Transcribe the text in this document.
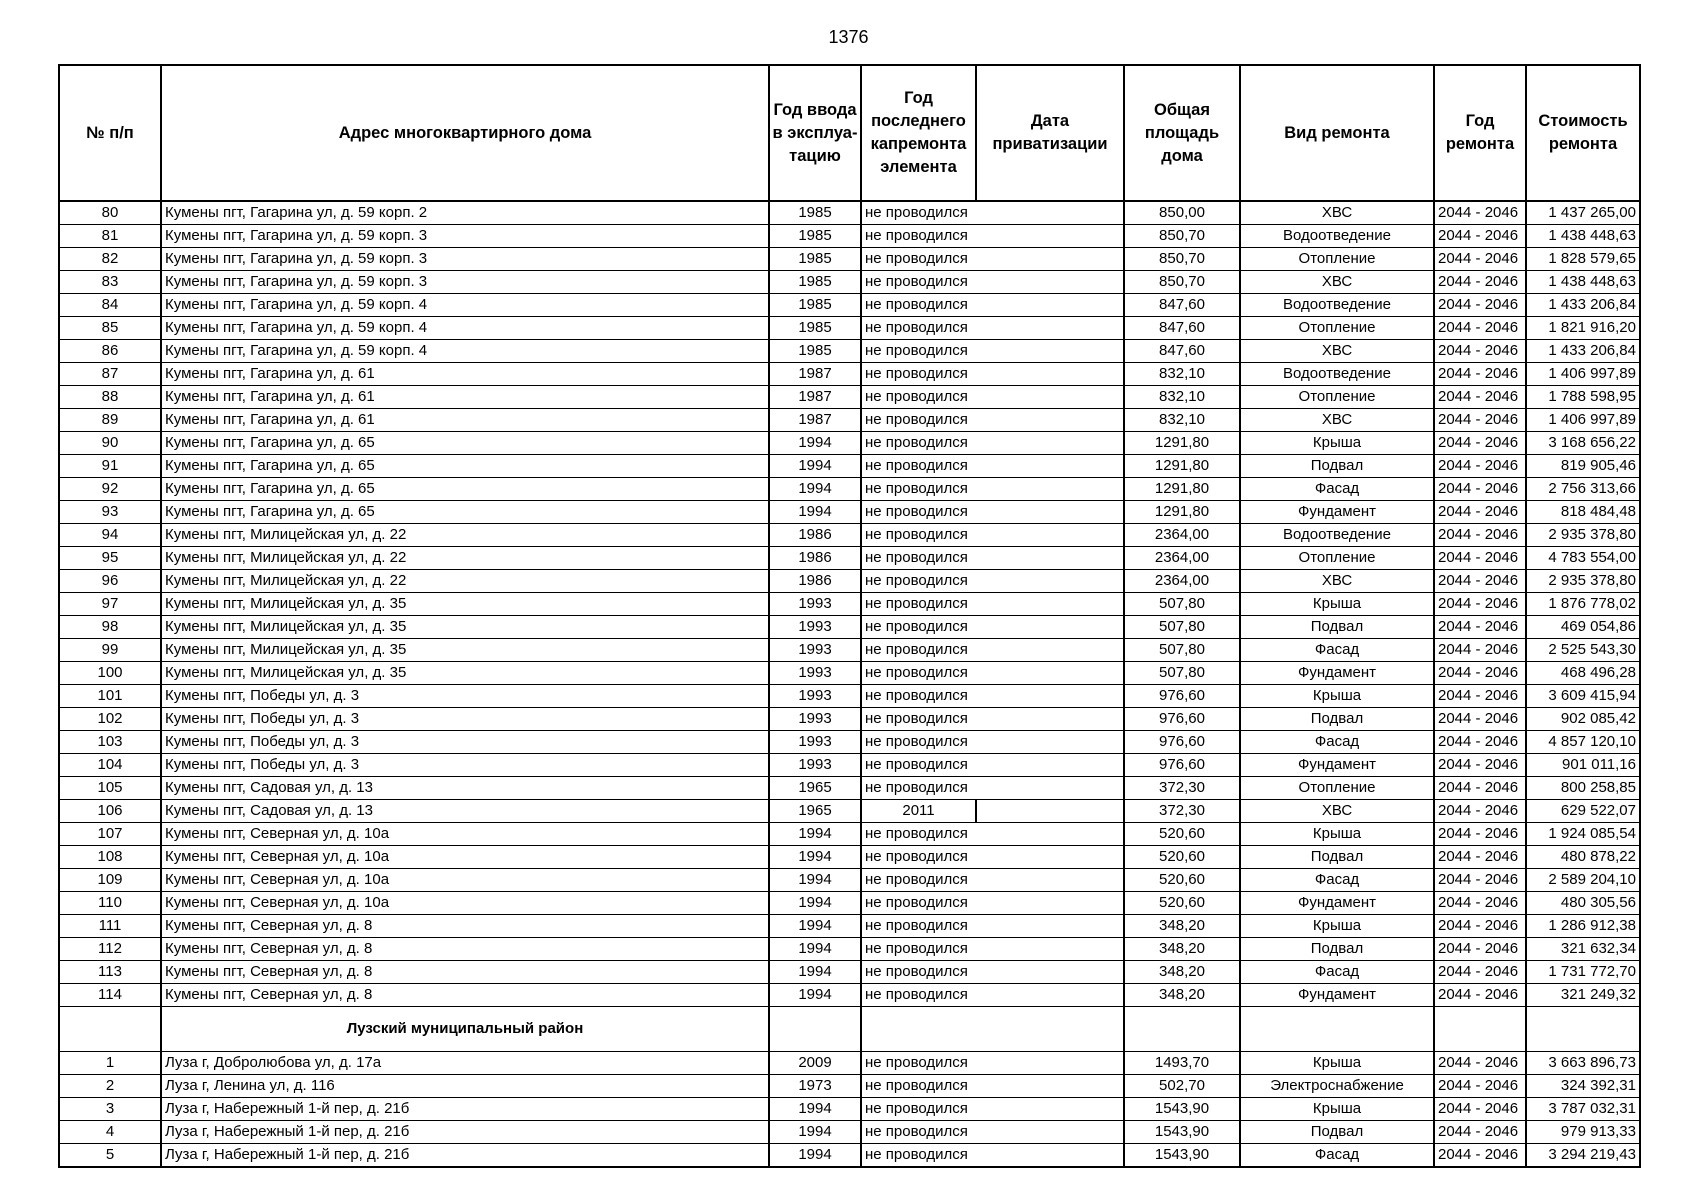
1376
№ п/п	Адрес многоквартирного дома	Год ввода в эксплуа-тацию	Год последнего капремонта элемента	Дата приватизации	Общая площадь дома	Вид ремонта	Год ремонта	Стоимость ремонта
80	Кумены пгт, Гагарина ул, д. 59 корп. 2	1985	не проводился		850,00	ХВС	2044 - 2046	1 437 265,00
81	Кумены пгт, Гагарина ул, д. 59 корп. 3	1985	не проводился		850,70	Водоотведение	2044 - 2046	1 438 448,63
82	Кумены пгт, Гагарина ул, д. 59 корп. 3	1985	не проводился		850,70	Отопление	2044 - 2046	1 828 579,65
83	Кумены пгт, Гагарина ул, д. 59 корп. 3	1985	не проводился		850,70	ХВС	2044 - 2046	1 438 448,63
84	Кумены пгт, Гагарина ул, д. 59 корп. 4	1985	не проводился		847,60	Водоотведение	2044 - 2046	1 433 206,84
85	Кумены пгт, Гагарина ул, д. 59 корп. 4	1985	не проводился		847,60	Отопление	2044 - 2046	1 821 916,20
86	Кумены пгт, Гагарина ул, д. 59 корп. 4	1985	не проводился		847,60	ХВС	2044 - 2046	1 433 206,84
87	Кумены пгт, Гагарина ул, д. 61	1987	не проводился		832,10	Водоотведение	2044 - 2046	1 406 997,89
88	Кумены пгт, Гагарина ул, д. 61	1987	не проводился		832,10	Отопление	2044 - 2046	1 788 598,95
89	Кумены пгт, Гагарина ул, д. 61	1987	не проводился		832,10	ХВС	2044 - 2046	1 406 997,89
90	Кумены пгт, Гагарина ул, д. 65	1994	не проводился		1291,80	Крыша	2044 - 2046	3 168 656,22
91	Кумены пгт, Гагарина ул, д. 65	1994	не проводился		1291,80	Подвал	2044 - 2046	819 905,46
92	Кумены пгт, Гагарина ул, д. 65	1994	не проводился		1291,80	Фасад	2044 - 2046	2 756 313,66
93	Кумены пгт, Гагарина ул, д. 65	1994	не проводился		1291,80	Фундамент	2044 - 2046	818 484,48
94	Кумены пгт, Милицейская ул, д. 22	1986	не проводился		2364,00	Водоотведение	2044 - 2046	2 935 378,80
95	Кумены пгт, Милицейская ул, д. 22	1986	не проводился		2364,00	Отопление	2044 - 2046	4 783 554,00
96	Кумены пгт, Милицейская ул, д. 22	1986	не проводился		2364,00	ХВС	2044 - 2046	2 935 378,80
97	Кумены пгт, Милицейская ул, д. 35	1993	не проводился		507,80	Крыша	2044 - 2046	1 876 778,02
98	Кумены пгт, Милицейская ул, д. 35	1993	не проводился		507,80	Подвал	2044 - 2046	469 054,86
99	Кумены пгт, Милицейская ул, д. 35	1993	не проводился		507,80	Фасад	2044 - 2046	2 525 543,30
100	Кумены пгт, Милицейская ул, д. 35	1993	не проводился		507,80	Фундамент	2044 - 2046	468 496,28
101	Кумены пгт, Победы ул, д. 3	1993	не проводился		976,60	Крыша	2044 - 2046	3 609 415,94
102	Кумены пгт, Победы ул, д. 3	1993	не проводился		976,60	Подвал	2044 - 2046	902 085,42
103	Кумены пгт, Победы ул, д. 3	1993	не проводился		976,60	Фасад	2044 - 2046	4 857 120,10
104	Кумены пгт, Победы ул, д. 3	1993	не проводился		976,60	Фундамент	2044 - 2046	901 011,16
105	Кумены пгт, Садовая ул, д. 13	1965	не проводился		372,30	Отопление	2044 - 2046	800 258,85
106	Кумены пгт, Садовая ул, д. 13	1965	2011		372,30	ХВС	2044 - 2046	629 522,07
107	Кумены пгт, Северная ул, д. 10а	1994	не проводился		520,60	Крыша	2044 - 2046	1 924 085,54
108	Кумены пгт, Северная ул, д. 10а	1994	не проводился		520,60	Подвал	2044 - 2046	480 878,22
109	Кумены пгт, Северная ул, д. 10а	1994	не проводился		520,60	Фасад	2044 - 2046	2 589 204,10
110	Кумены пгт, Северная ул, д. 10а	1994	не проводился		520,60	Фундамент	2044 - 2046	480 305,56
111	Кумены пгт, Северная ул, д. 8	1994	не проводился		348,20	Крыша	2044 - 2046	1 286 912,38
112	Кумены пгт, Северная ул, д. 8	1994	не проводился		348,20	Подвал	2044 - 2046	321 632,34
113	Кумены пгт, Северная ул, д. 8	1994	не проводился		348,20	Фасад	2044 - 2046	1 731 772,70
114	Кумены пгт, Северная ул, д. 8	1994	не проводился		348,20	Фундамент	2044 - 2046	321 249,32
	Лузский муниципальный район							
1	Луза г, Добролюбова ул, д. 17а	2009	не проводился		1493,70	Крыша	2044 - 2046	3 663 896,73
2	Луза г, Ленина ул, д. 116	1973	не проводился		502,70	Электроснабжение	2044 - 2046	324 392,31
3	Луза г, Набережный 1-й пер, д. 21б	1994	не проводился		1543,90	Крыша	2044 - 2046	3 787 032,31
4	Луза г, Набережный 1-й пер, д. 21б	1994	не проводился		1543,90	Подвал	2044 - 2046	979 913,33
5	Луза г, Набережный 1-й пер, д. 21б	1994	не проводился		1543,90	Фасад	2044 - 2046	3 294 219,43
